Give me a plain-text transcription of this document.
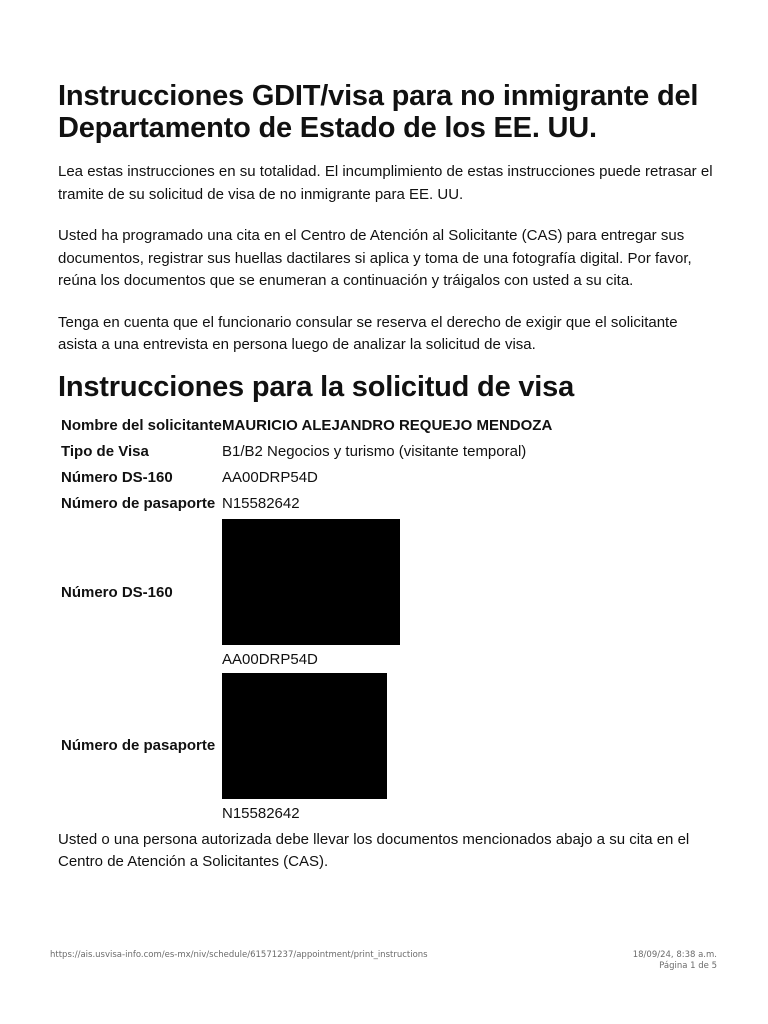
Instrucciones GDIT/visa para no inmigrante del
Departamento de Estado de los EE. UU.

Lea estas instrucciones en su totalidad. El incumplimiento de estas instrucciones puede retrasar el tramite de su solicitud de visa de no inmigrante para EE. UU.

Usted ha programado una cita en el Centro de Atención al Solicitante (CAS) para entregar sus documentos, registrar sus huellas dactilares si aplica y toma de una fotografía digital. Por favor, reúna los documentos que se enumeran a continuación y tráigalos con usted a su cita.

Tenga en cuenta que el funcionario consular se reserva el derecho de exigir que el solicitante asista a una entrevista en persona luego de analizar la solicitud de visa.

Instrucciones para la solicitud de visa
Nombre del solicitante	MAURICIO ALEJANDRO REQUEJO MENDOZA
Tipo de Visa	B1/B2 Negocios y turismo (visitante temporal)
Número DS-160	AA00DRP54D
Número de pasaporte	N15582642
Número DS-160	AA00DRP54D

Número de pasaporte	N15582642

Usted o una persona autorizada debe llevar los documentos mencionados abajo a su cita en el Centro de Atención a Solicitantes (CAS).

https://ais.usvisa-info.com/es-mx/niv/schedule/61571237/appointment/print_instructions	18/09/24, 8:38 a.m.
Página 1 de 5
